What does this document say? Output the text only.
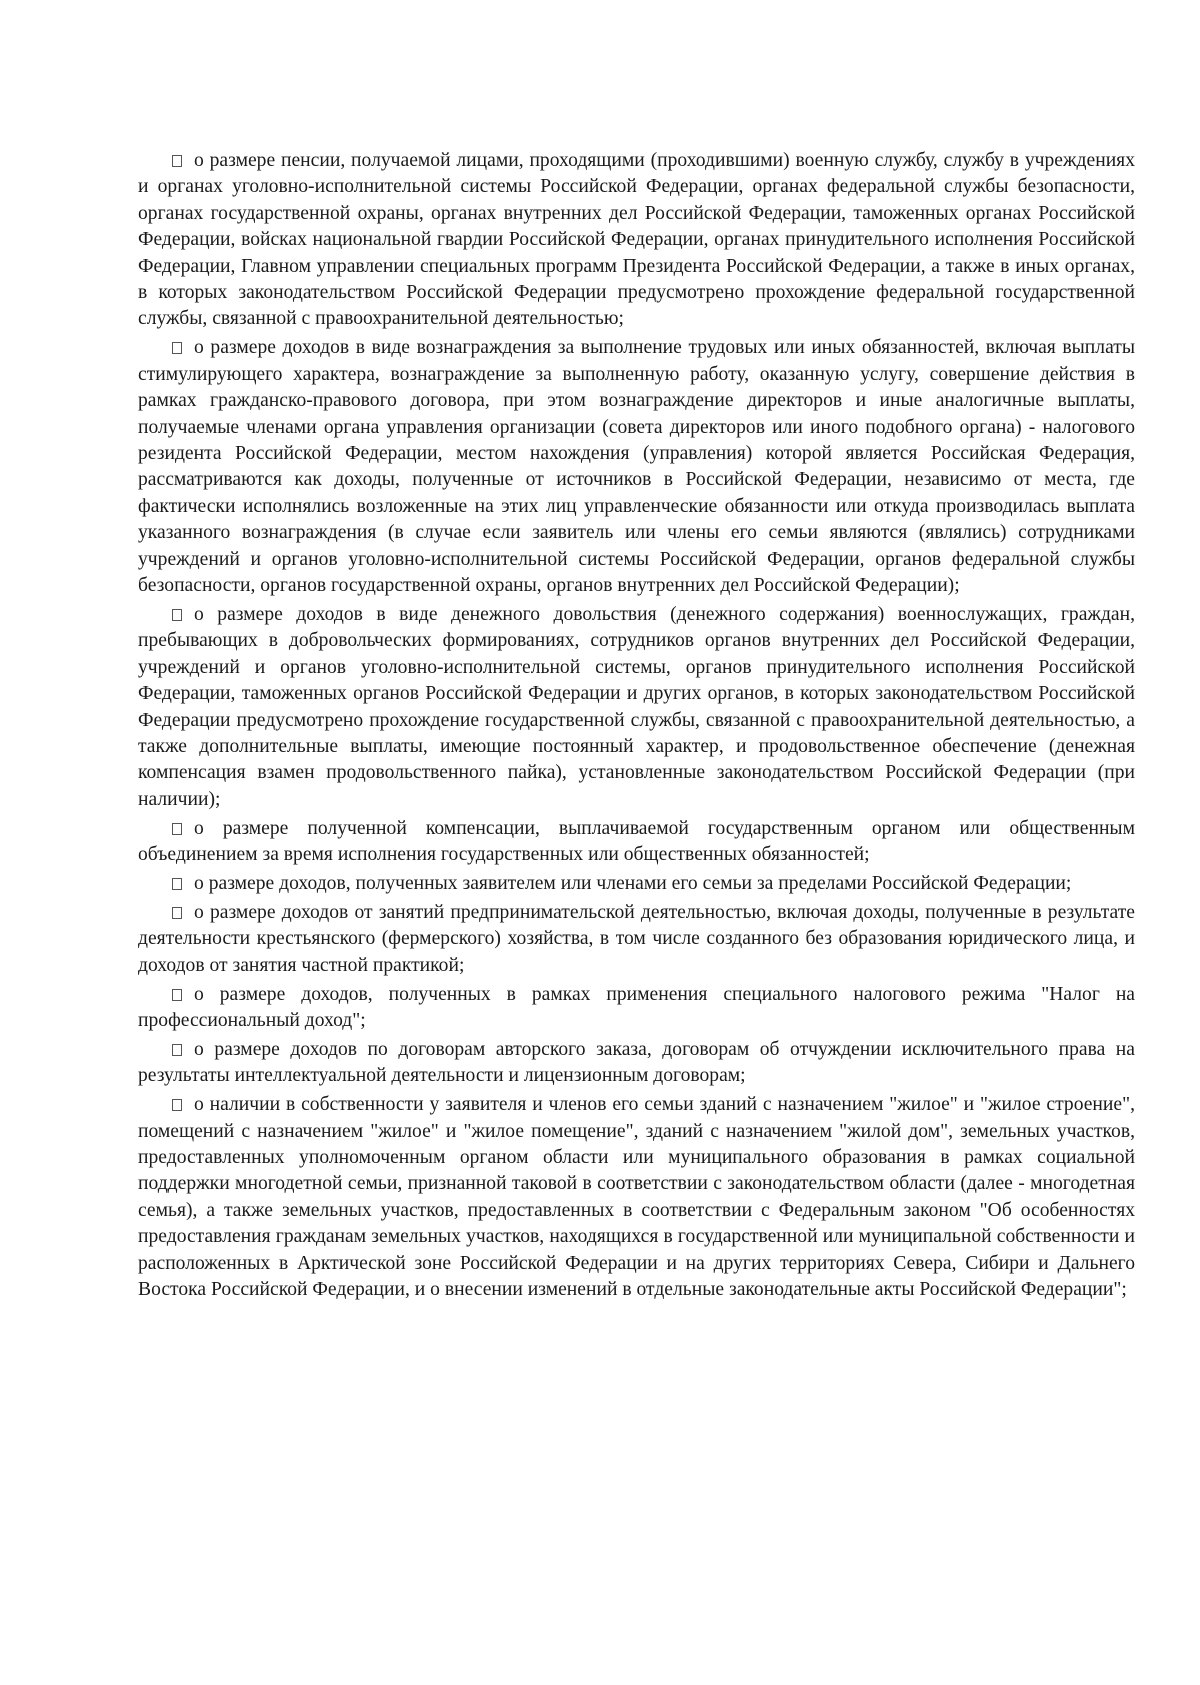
о размере пенсии, получаемой лицами, проходящими (проходившими) военную службу, службу в учреждениях и органах уголовно-исполнительной системы Российской Федерации, органах федеральной службы безопасности, органах государственной охраны, органах внутренних дел Российской Федерации, таможенных органах Российской Федерации, войсках национальной гвардии Российской Федерации, органах принудительного исполнения Российской Федерации, Главном управлении специальных программ Президента Российской Федерации, а также в иных органах, в которых законодательством Российской Федерации предусмотрено прохождение федеральной государственной службы, связанной с правоохранительной деятельностью;

о размере доходов в виде вознаграждения за выполнение трудовых или иных обязанностей, включая выплаты стимулирующего характера, вознаграждение за выполненную работу, оказанную услугу, совершение действия в рамках гражданско-правового договора, при этом вознаграждение директоров и иные аналогичные выплаты, получаемые членами органа управления организации (совета директоров или иного подобного органа) - налогового резидента Российской Федерации, местом нахождения (управления) которой является Российская Федерация, рассматриваются как доходы, полученные от источников в Российской Федерации, независимо от места, где фактически исполнялись возложенные на этих лиц управленческие обязанности или откуда производилась выплата указанного вознаграждения (в случае если заявитель или члены его семьи являются (являлись) сотрудниками учреждений и органов уголовно-исполнительной системы Российской Федерации, органов федеральной службы безопасности, органов государственной охраны, органов внутренних дел Российской Федерации);

о размере доходов в виде денежного довольствия (денежного содержания) военнослужащих, граждан, пребывающих в добровольческих формированиях, сотрудников органов внутренних дел Российской Федерации, учреждений и органов уголовно-исполнительной системы, органов принудительного исполнения Российской Федерации, таможенных органов Российской Федерации и других органов, в которых законодательством Российской Федерации предусмотрено прохождение государственной службы, связанной с правоохранительной деятельностью, а также дополнительные выплаты, имеющие постоянный характер, и продовольственное обеспечение (денежная компенсация взамен продовольственного пайка), установленные законодательством Российской Федерации (при наличии);

о размере полученной компенсации, выплачиваемой государственным органом или общественным объединением за время исполнения государственных или общественных обязанностей;

о размере доходов, полученных заявителем или членами его семьи за пределами Российской Федерации;

о размере доходов от занятий предпринимательской деятельностью, включая доходы, полученные в результате деятельности крестьянского (фермерского) хозяйства, в том числе созданного без образования юридического лица, и доходов от занятия частной практикой;

о размере доходов, полученных в рамках применения специального налогового режима "Налог на профессиональный доход";

о размере доходов по договорам авторского заказа, договорам об отчуждении исключительного права на результаты интеллектуальной деятельности и лицензионным договорам;

о наличии в собственности у заявителя и членов его семьи зданий с назначением "жилое" и "жилое строение", помещений с назначением "жилое" и "жилое помещение", зданий с назначением "жилой дом", земельных участков, предоставленных уполномоченным органом области или муниципального образования в рамках социальной поддержки многодетной семьи, признанной таковой в соответствии с законодательством области (далее - многодетная семья), а также земельных участков, предоставленных в соответствии с Федеральным законом "Об особенностях предоставления гражданам земельных участков, находящихся в государственной или муниципальной собственности и расположенных в Арктической зоне Российской Федерации и на других территориях Севера, Сибири и Дальнего Востока Российской Федерации, и о внесении изменений в отдельные законодательные акты Российской Федерации";
